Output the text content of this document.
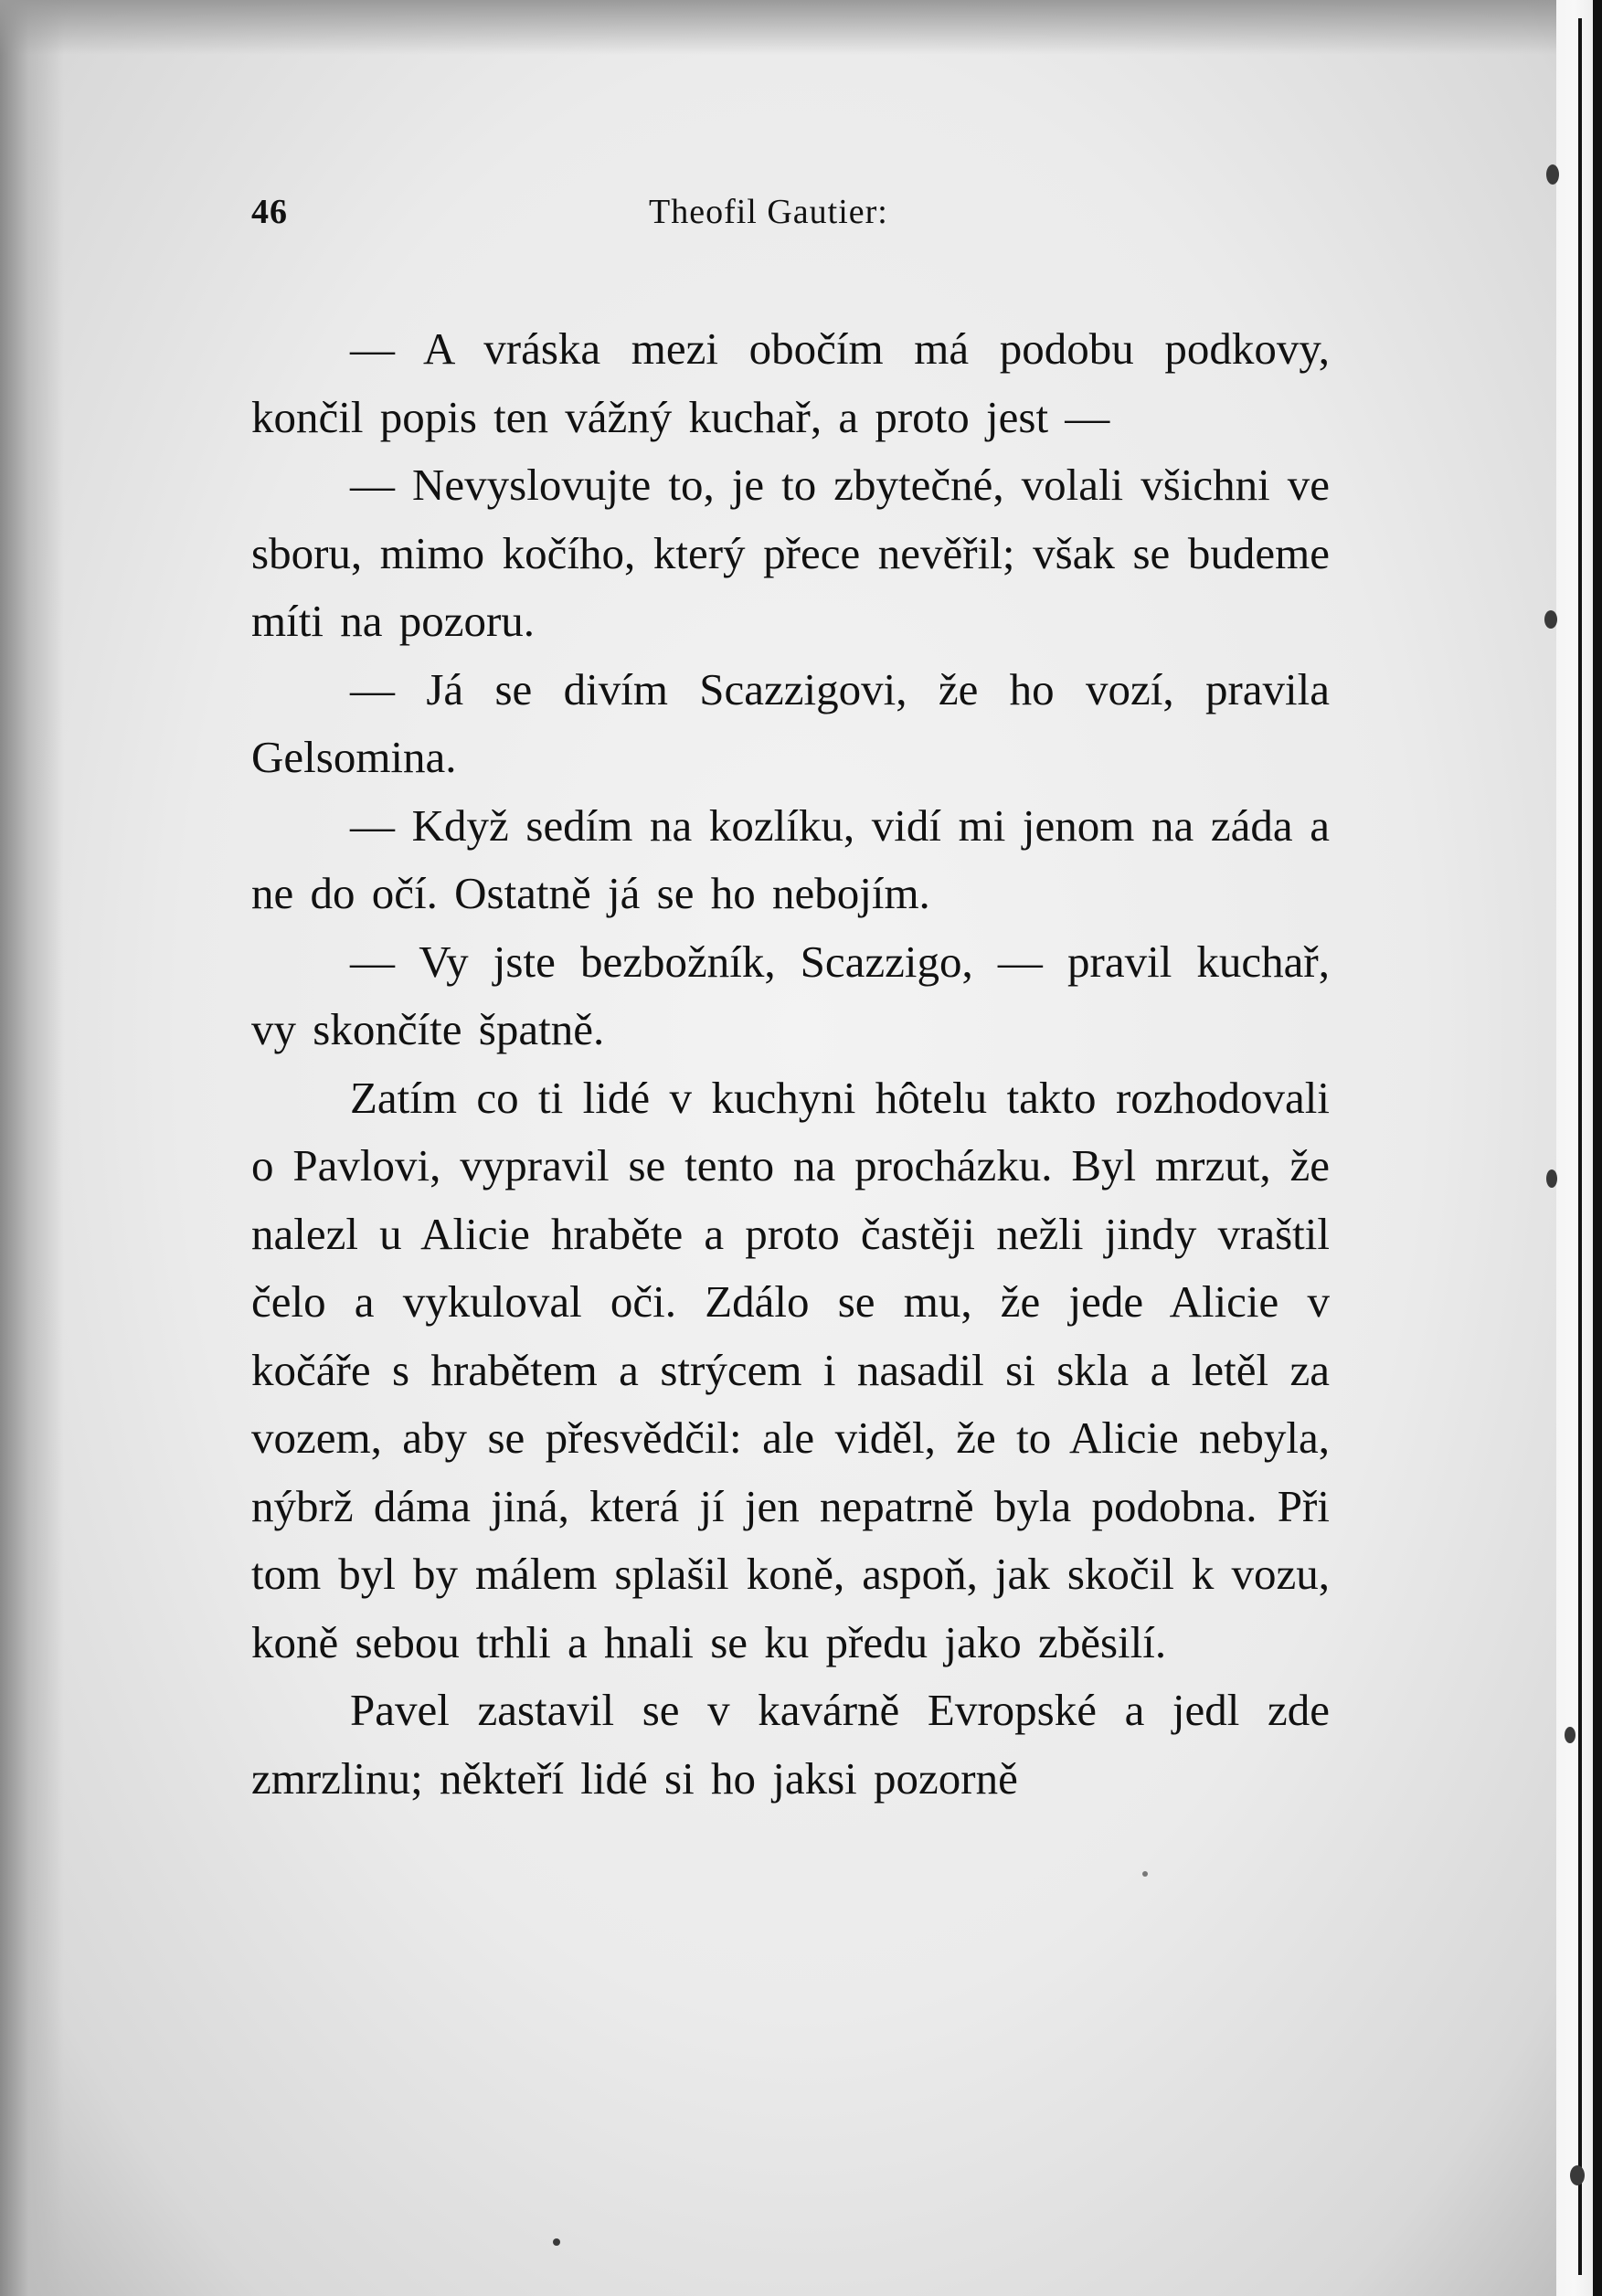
46	Theofil Gautier:

— A vráska mezi obočím má podobu podkovy, končil popis ten vážný kuchař, a proto jest —

— Nevyslovujte to, je to zbytečné, volali všichni ve sboru, mimo kočího, který přece nevěřil; však se budeme míti na pozoru.

— Já se divím Scazzigovi, že ho vozí, pravila Gelsomina.

— Když sedím na kozlíku, vidí mi jenom na záda a ne do očí. Ostatně já se ho nebojím.

— Vy jste bezbožník, Scazzigo, — pravil kuchař, vy skončíte špatně.

Zatím co ti lidé v kuchyni hôtelu takto rozhodovali o Pavlovi, vypravil se tento na procházku. Byl mrzut, že nalezl u Alicie hraběte a proto častěji nežli jindy vraštil čelo a vykuloval oči. Zdálo se mu, že jede Alicie v kočáře s hrabětem a strýcem i nasadil si skla a letěl za vozem, aby se přesvědčil: ale viděl, že to Alicie nebyla, nýbrž dáma jiná, která jí jen nepatrně byla podobna. Při tom byl by málem splašil koně, aspoň, jak skočil k vozu, koně sebou trhli a hnali se ku předu jako zběsilí.

Pavel zastavil se v kavárně Evropské a jedl zde zmrzlinu; někteří lidé si ho jaksi pozorně
